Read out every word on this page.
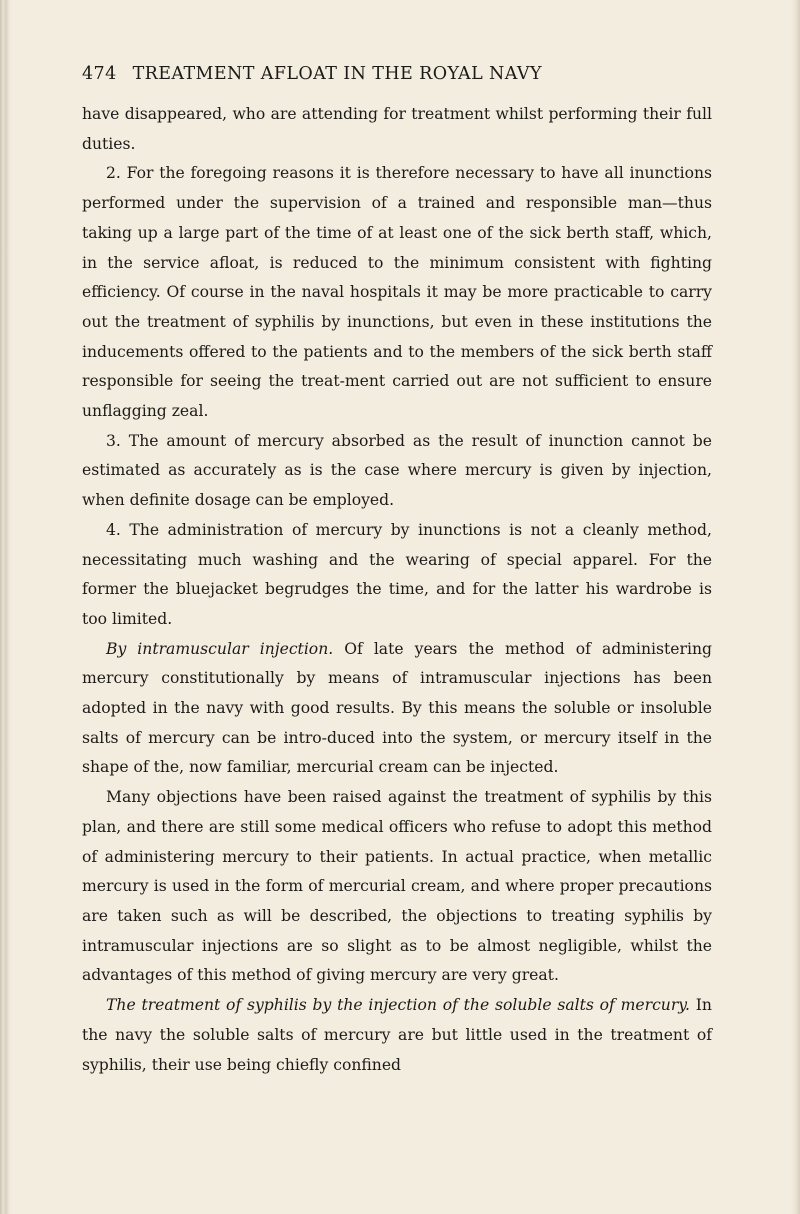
474 TREATMENT AFLOAT IN THE ROYAL NAVY

have disappeared, who are attending for treatment whilst performing their full duties.

2. For the foregoing reasons it is therefore necessary to have all inunctions performed under the supervision of a trained and responsible man—thus taking up a large part of the time of at least one of the sick berth staff, which, in the service afloat, is reduced to the minimum consistent with fighting efficiency. Of course in the naval hospitals it may be more practicable to carry out the treatment of syphilis by inunctions, but even in these institutions the inducements offered to the patients and to the members of the sick berth staff responsible for seeing the treat-ment carried out are not sufficient to ensure unflagging zeal.

3. The amount of mercury absorbed as the result of inunction cannot be estimated as accurately as is the case where mercury is given by injection, when definite dosage can be employed.

4. The administration of mercury by inunctions is not a cleanly method, necessitating much washing and the wearing of special apparel. For the former the bluejacket begrudges the time, and for the latter his wardrobe is too limited.

By intramuscular injection. Of late years the method of administering mercury constitutionally by means of intramuscular injections has been adopted in the navy with good results. By this means the soluble or insoluble salts of mercury can be intro-duced into the system, or mercury itself in the shape of the, now familiar, mercurial cream can be injected.

Many objections have been raised against the treatment of syphilis by this plan, and there are still some medical officers who refuse to adopt this method of administering mercury to their patients. In actual practice, when metallic mercury is used in the form of mercurial cream, and where proper precautions are taken such as will be described, the objections to treating syphilis by intramuscular injections are so slight as to be almost negligible, whilst the advantages of this method of giving mercury are very great.

The treatment of syphilis by the injection of the soluble salts of mercury. In the navy the soluble salts of mercury are but little used in the treatment of syphilis, their use being chiefly confined
